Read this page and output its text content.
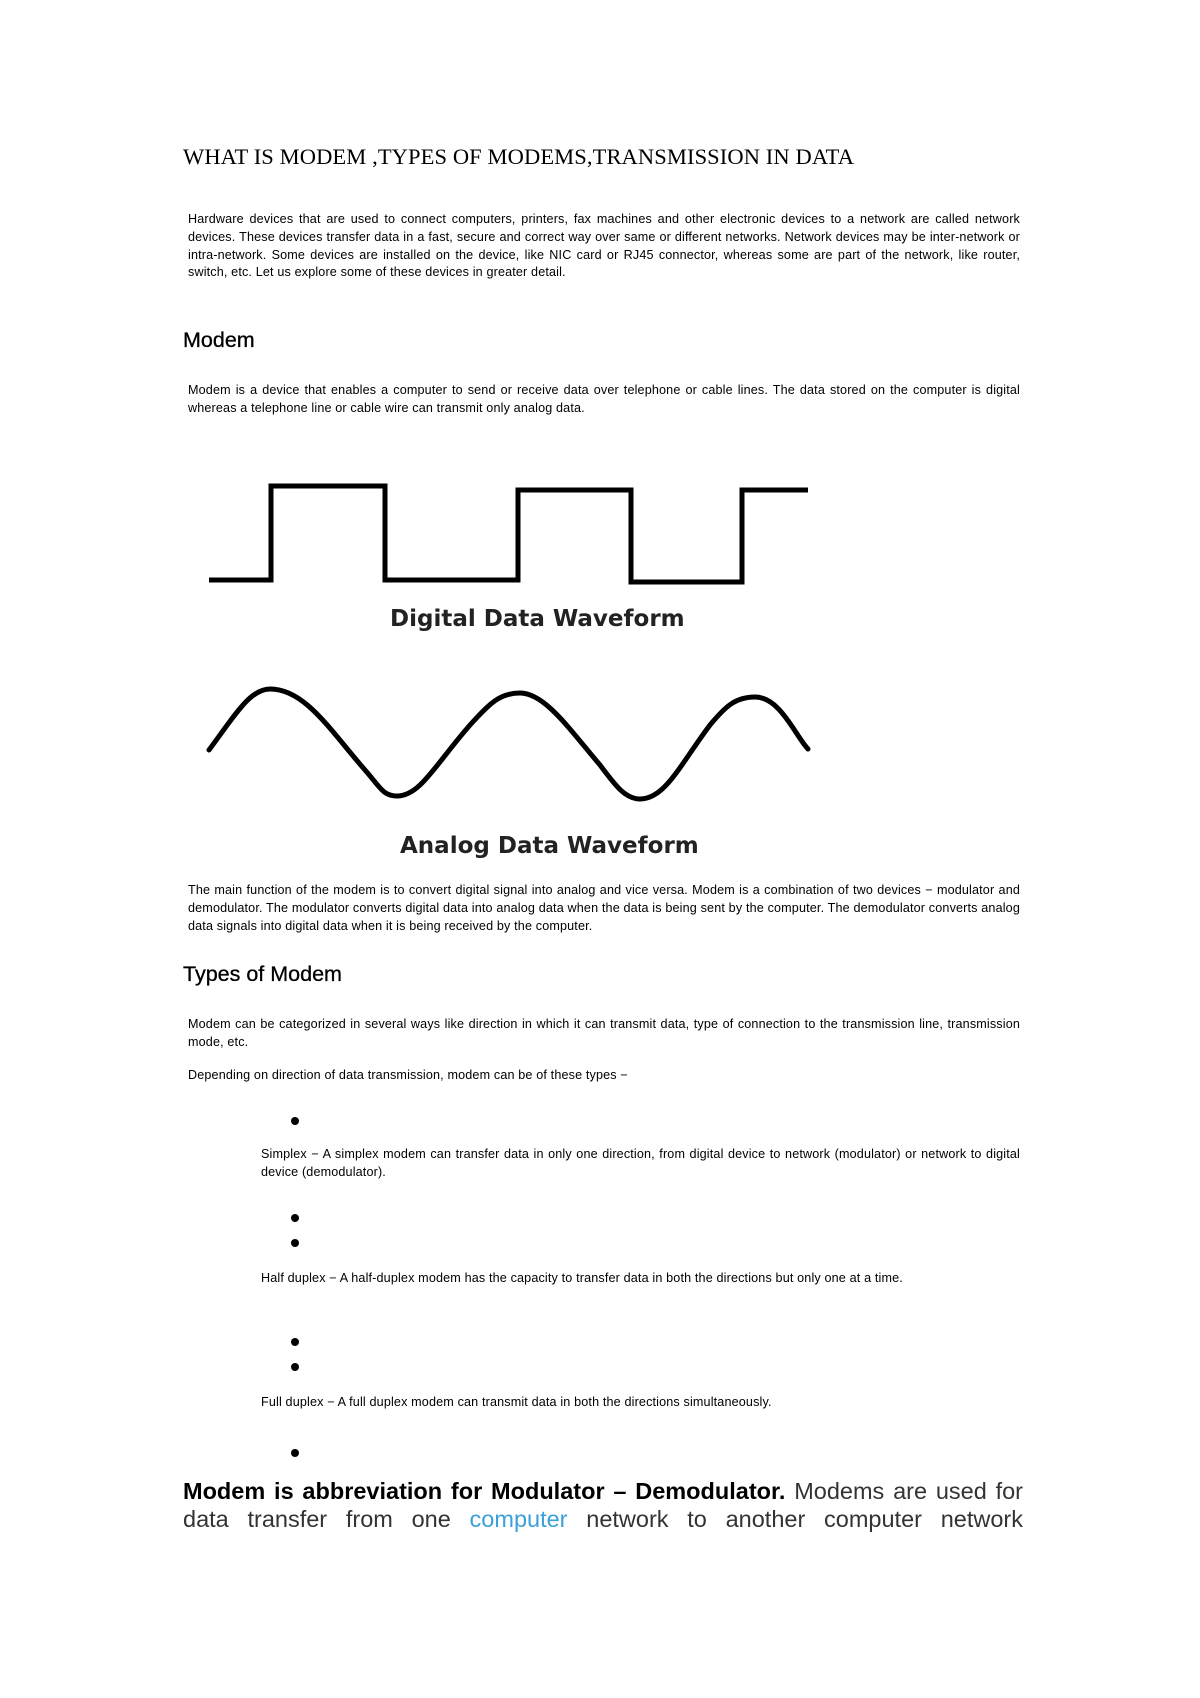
WHAT IS MODEM ,TYPES OF MODEMS,TRANSMISSION IN DATA

Hardware devices that are used to connect computers, printers, fax machines and other electronic devices to a network are called network devices. These devices transfer data in a fast, secure and correct way over same or different networks. Network devices may be inter-network or intra-network. Some devices are installed on the device, like NIC card or RJ45 connector, whereas some are part of the network, like router, switch, etc. Let us explore some of these devices in greater detail.

Modem

Modem is a device that enables a computer to send or receive data over telephone or cable lines. The data stored on the computer is digital whereas a telephone line or cable wire can transmit only analog data.

Digital Data Waveform
Analog Data Waveform

The main function of the modem is to convert digital signal into analog and vice versa. Modem is a combination of two devices − modulator and demodulator. The modulator converts digital data into analog data when the data is being sent by the computer. The demodulator converts analog data signals into digital data when it is being received by the computer.

Types of Modem

Modem can be categorized in several ways like direction in which it can transmit data, type of connection to the transmission line, transmission mode, etc.

Depending on direction of data transmission, modem can be of these types −

Simplex − A simplex modem can transfer data in only one direction, from digital device to network (modulator) or network to digital device (demodulator).

Half duplex − A half-duplex modem has the capacity to transfer data in both the directions but only one at a time.

Full duplex − A full duplex modem can transmit data in both the directions simultaneously.

Modem is abbreviation for Modulator – Demodulator. Modems are used for data transfer from one computer network to another computer network
